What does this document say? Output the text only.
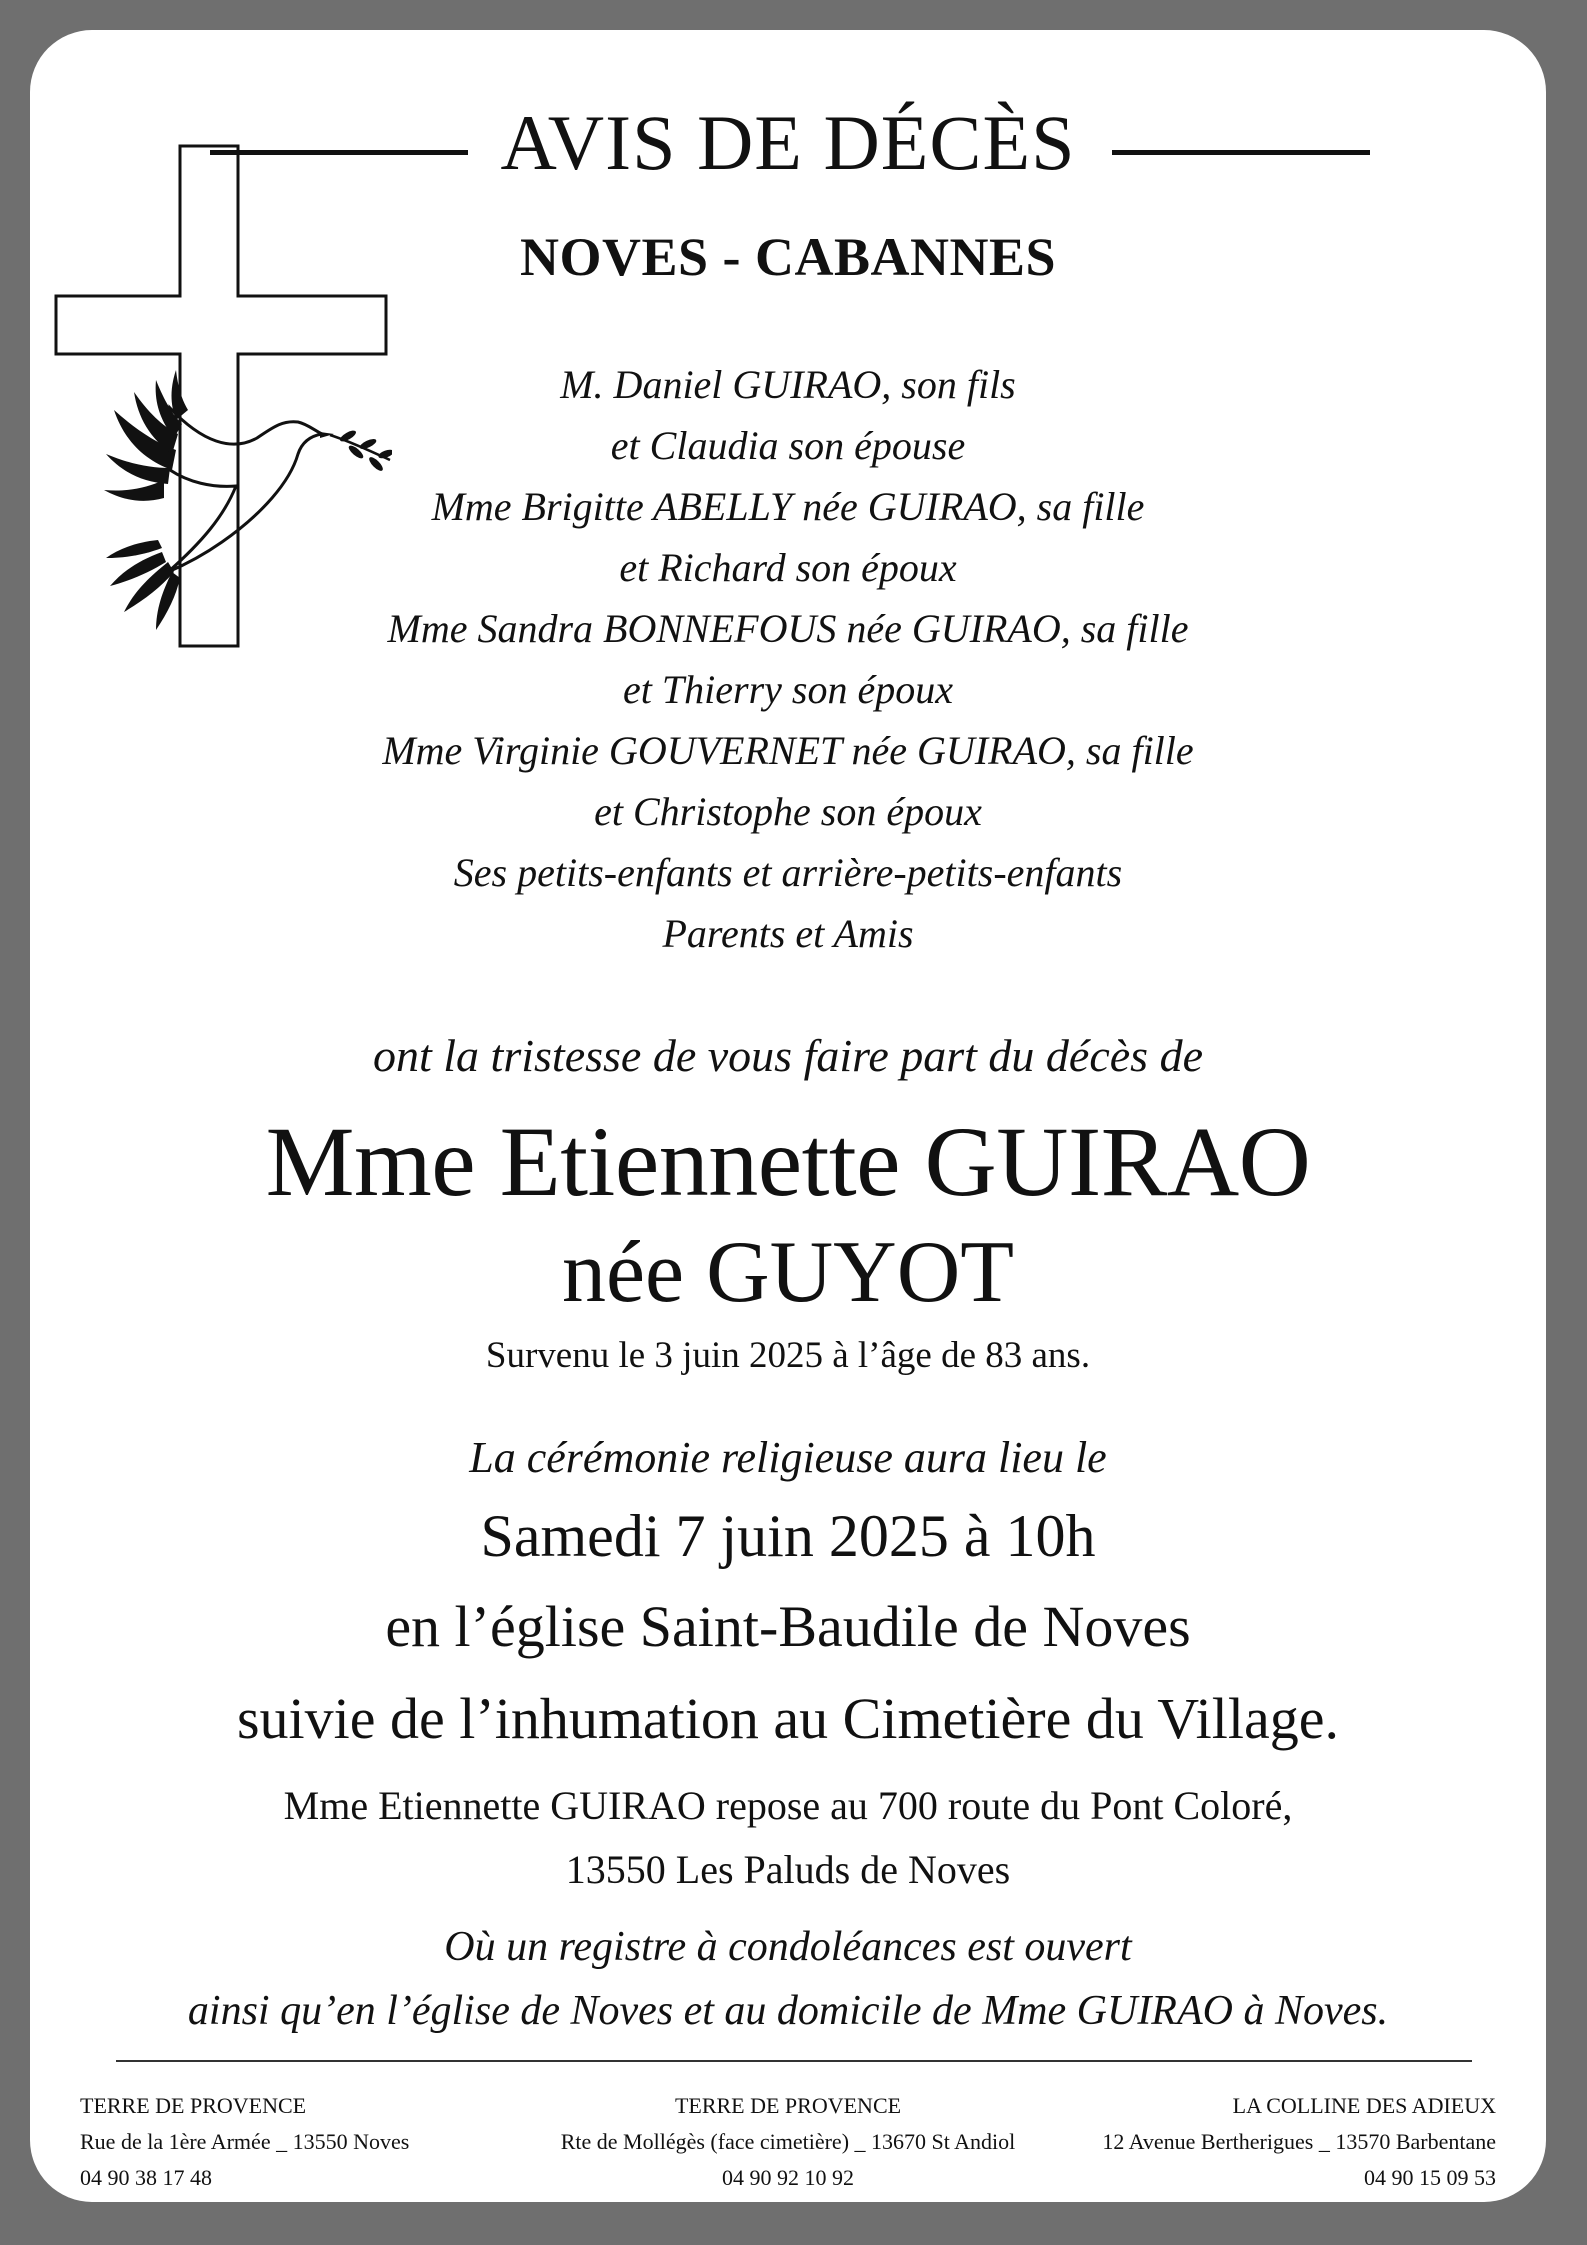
AVIS DE DÉCÈS
NOVES - CABANNES
M. Daniel GUIRAO, son fils
et Claudia son épouse
Mme Brigitte ABELLY née GUIRAO, sa fille
et Richard son époux
Mme Sandra BONNEFOUS née GUIRAO, sa fille
et Thierry son époux
Mme Virginie GOUVERNET née GUIRAO, sa fille
et Christophe son époux
Ses petits-enfants et arrière-petits-enfants
Parents et Amis
ont la tristesse de vous faire part du décès de
Mme Etiennette GUIRAO
née GUYOT
Survenu le 3 juin 2025 à l’âge de 83 ans.
La cérémonie religieuse aura lieu le
Samedi 7 juin 2025 à 10h
en l’église Saint-Baudile de Noves
suivie de l’inhumation au Cimetière du Village.
Mme Etiennette GUIRAO repose au 700 route du Pont Coloré,
13550 Les Paluds de Noves
Où un registre à condoléances est ouvert
ainsi qu’en l’église de Noves et au domicile de Mme GUIRAO à Noves.
TERRE DE PROVENCE
Rue de la 1ère Armée _ 13550 Noves
04 90 38 17 48
TERRE DE PROVENCE
Rte de Mollégès (face cimetière) _ 13670 St Andiol
04 90 92 10 92
LA COLLINE DES ADIEUX
12 Avenue Bertherigues _ 13570 Barbentane
04 90 15 09 53
